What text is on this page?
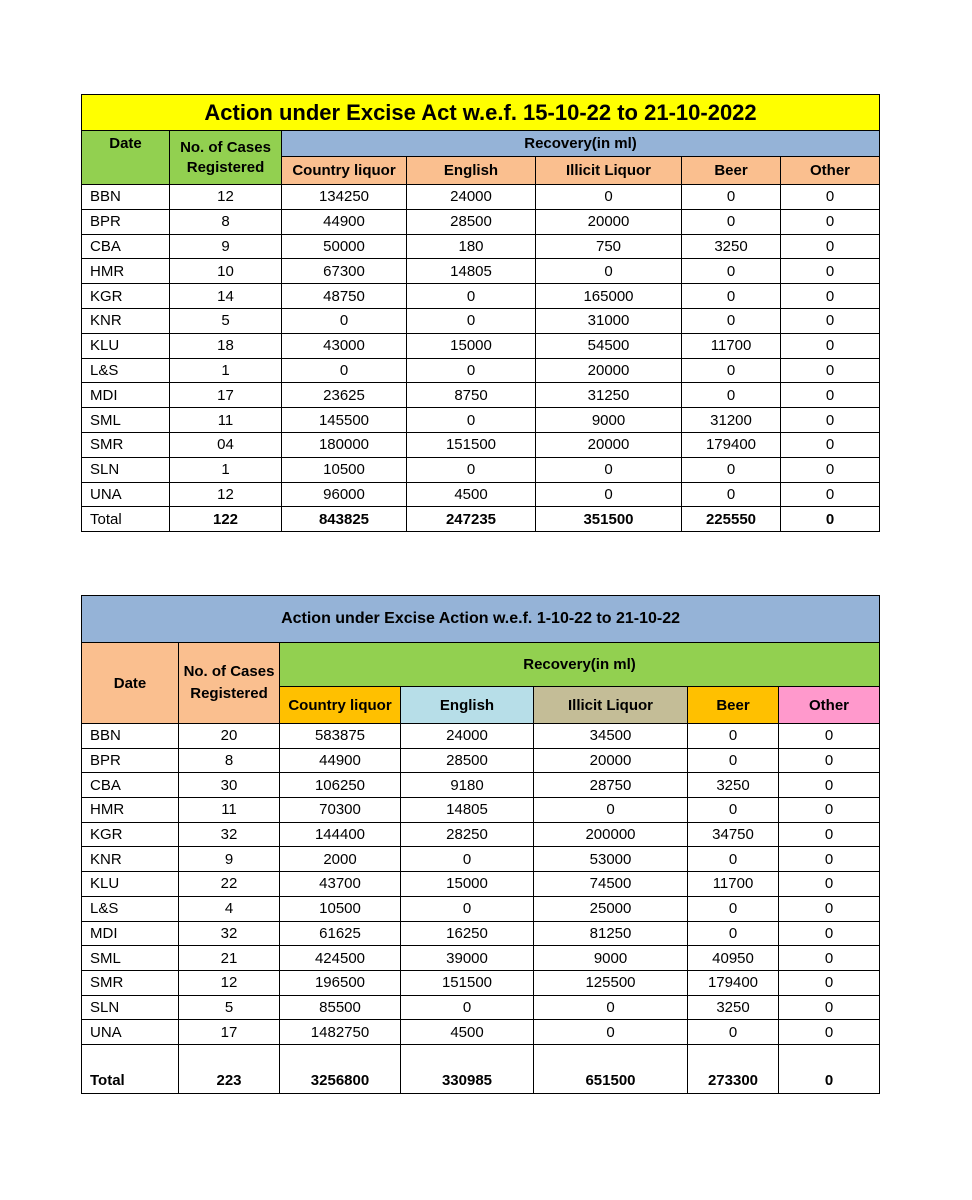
Action under Excise Act w.e.f. 15-10-22 to 21-10-2022						
Date	No. of Cases Registered	Recovery(in ml)				
		Country liquor	English	Illicit Liquor	Beer	Other
BBN	12	134250	24000	0	0	0
BPR	8	44900	28500	20000	0	0
CBA	9	50000	180	750	3250	0
HMR	10	67300	14805	0	0	0
KGR	14	48750	0	165000	0	0
KNR	5	0	0	31000	0	0
KLU	18	43000	15000	54500	11700	0
L&S	1	0	0	20000	0	0
MDI	17	23625	8750	31250	0	0
SML	11	145500	0	9000	31200	0
SMR	04	180000	151500	20000	179400	0
SLN	1	10500	0	0	0	0
UNA	12	96000	4500	0	0	0
Total	122	843825	247235	351500	225550	0
Action under Excise Action w.e.f. 1-10-22 to 21-10-22						
Date	No. of Cases Registered	Recovery(in ml)				
		Country liquor	English	Illicit Liquor	Beer	Other
BBN	20	583875	24000	34500	0	0
BPR	8	44900	28500	20000	0	0
CBA	30	106250	9180	28750	3250	0
HMR	11	70300	14805	0	0	0
KGR	32	144400	28250	200000	34750	0
KNR	9	2000	0	53000	0	0
KLU	22	43700	15000	74500	11700	0
L&S	4	10500	0	25000	0	0
MDI	32	61625	16250	81250	0	0
SML	21	424500	39000	9000	40950	0
SMR	12	196500	151500	125500	179400	0
SLN	5	85500	0	0	3250	0
UNA	17	1482750	4500	0	0	0
Total	223	3256800	330985	651500	273300	0
